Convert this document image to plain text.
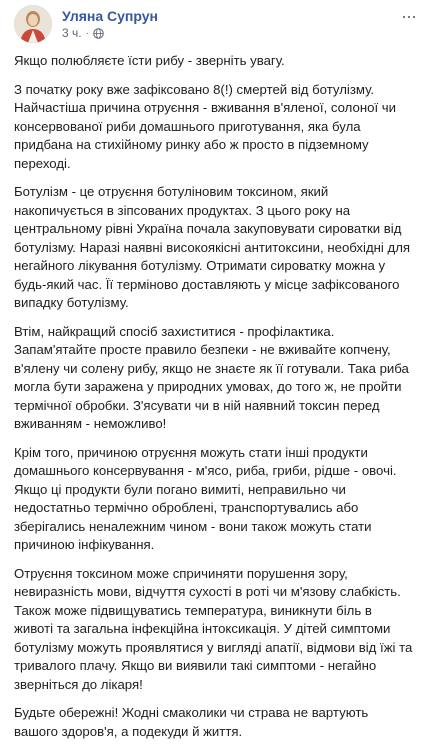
Уляна Супрун
3 ч. ·
···

Якщо полюбляєте їсти рибу - зверніть увагу.

З початку року вже зафіксовано 8(!) смертей від ботулізму. Найчастіша причина отруєння - вживання в'яленої, солоної чи консервованої риби домашнього приготування, яка була придбана на стихійному ринку або ж просто в підземному переході.

Ботулізм - це отруєння ботуліновим токсином, який накопичується в зіпсованих продуктах. З цього року на центральному рівні Україна почала закуповувати сироватки від ботулізму. Наразі наявні високоякісні антитоксини, необхідні для негайного лікування ботулізму. Отримати сироватку можна у будь-який час. Її терміново доставляють у місце зафіксованого випадку ботулізму.

Втім, найкращий спосіб захиститися - профілактика. Запам'ятайте просте правило безпеки - не вживайте копчену, в'ялену чи солену рибу, якщо не знаєте як її готували. Така риба могла бути заражена у природних умовах, до того ж, не пройти термічної обробки. З'ясувати чи в ній наявний токсин перед вживанням - неможливо!

Крім того, причиною отруєння можуть стати інші продукти домашнього консервування - м'ясо, риба, гриби, рідше - овочі. Якщо ці продукти були погано вимиті, неправильно чи недостатньо термічно оброблені, транспортувались або зберігались неналежним чином - вони також можуть стати причиною інфікування.

Отруєння токсином може спричиняти порушення зору, невиразність мови, відчуття сухості в роті чи м'язову слабкість. Також може підвищуватись температура, виникнути біль в животі та загальна інфекційна інтоксикація. У дітей симптоми ботулізму можуть проявлятися у вигляді апатії, відмови від їжі та тривалого плачу. Якщо ви виявили такі симптоми - негайно зверніться до лікаря!

Будьте обережні! Жодні смаколики чи страва не вартують вашого здоров'я, а подекуди й життя.
